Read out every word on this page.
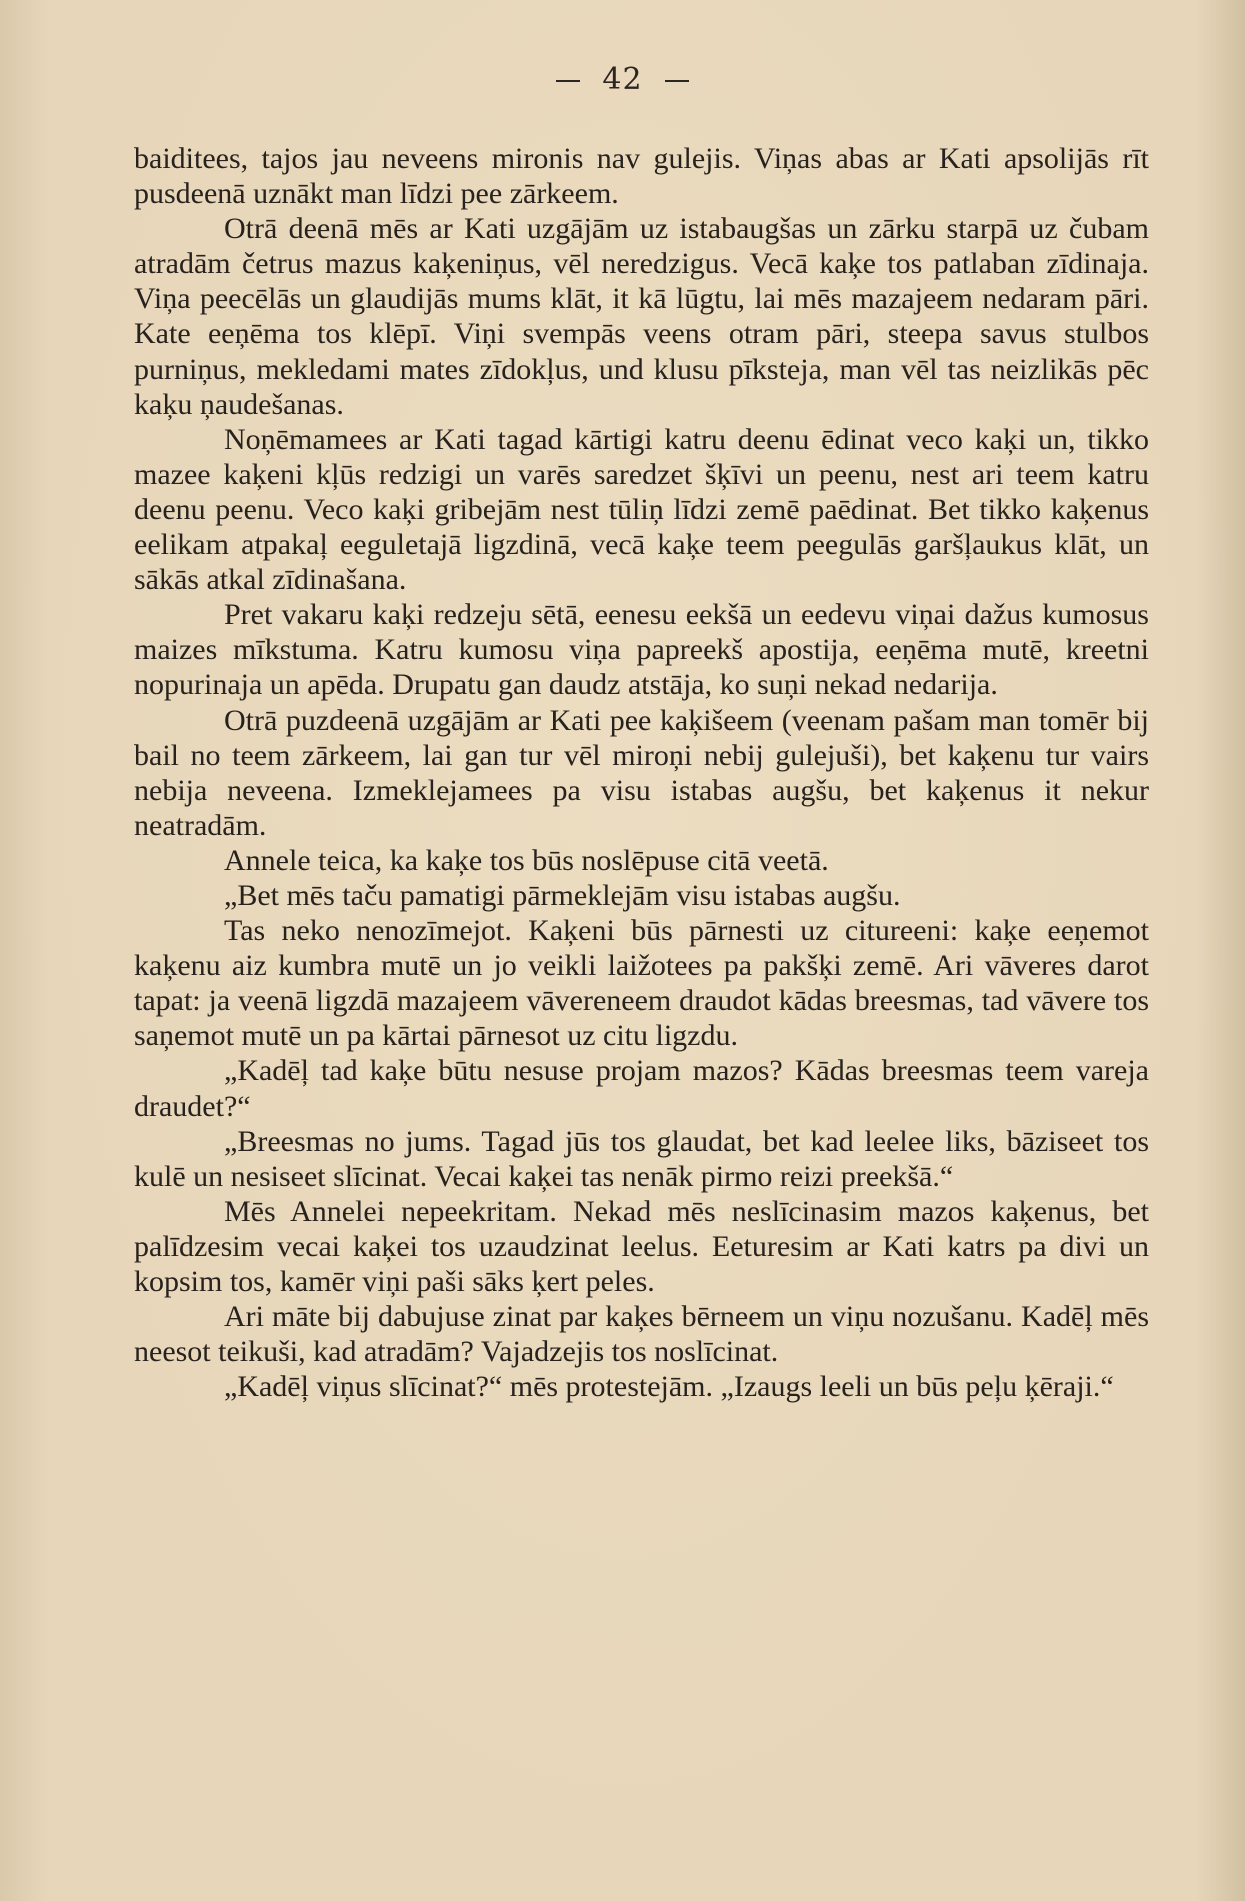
42

baiditees, tajos jau neveens mironis nav gulejis. Viņas abas ar Kati apsolijās rīt pusdeenā uznākt man līdzi pee zārkeem.

Otrā deenā mēs ar Kati uzgājām uz istabaugšas un zārku starpā uz čubam atradām četrus mazus kaķeniņus, vēl neredzigus. Vecā kaķe tos patlaban zīdinaja. Viņa peecēlās un glaudijās mums klāt, it kā lūgtu, lai mēs mazajeem nedaram pāri. Kate eeņēma tos klēpī. Viņi svempās veens otram pāri, steepa savus stulbos purniņus, mekledami mates zīdokļus, und klusu pīksteja, man vēl tas neizlikās pēc kaķu ņaudešanas.

Noņēmamees ar Kati tagad kārtigi katru deenu ēdinat veco kaķi un, tikko mazee kaķeni kļūs redzigi un varēs saredzet šķīvi un peenu, nest ari teem katru deenu peenu. Veco kaķi gribejām nest tūliņ līdzi zemē paēdinat. Bet tikko kaķenus eelikam atpakaļ eeguletajā ligzdinā, vecā kaķe teem peegulās garšļaukus klāt, un sākās atkal zīdinašana.

Pret vakaru kaķi redzeju sētā, eenesu eekšā un eedevu viņai dažus kumosus maizes mīkstuma. Katru kumosu viņa papreekš apostija, eeņēma mutē, kreetni nopurinaja un apēda. Drupatu gan daudz atstāja, ko suņi nekad nedarija.

Otrā puzdeenā uzgājām ar Kati pee kaķišeem (veenam pašam man tomēr bij bail no teem zārkeem, lai gan tur vēl miroņi nebij gulejuši), bet kaķenu tur vairs nebija neveena. Izmeklejamees pa visu istabas augšu, bet kaķenus it nekur neatradām.

Annele teica, ka kaķe tos būs noslēpuse citā veetā.

„Bet mēs taču pamatigi pārmeklejām visu istabas augšu.

Tas neko nenozīmejot. Kaķeni būs pārnesti uz citureeni: kaķe eeņemot kaķenu aiz kumbra mutē un jo veikli laižotees pa pakšķi zemē. Ari vāveres darot tapat: ja veenā ligzdā mazajeem vāvereneem draudot kādas breesmas, tad vāvere tos saņemot mutē un pa kārtai pārnesot uz citu ligzdu.

„Kadēļ tad kaķe būtu nesuse projam mazos? Kādas breesmas teem vareja draudet?“

„Breesmas no jums. Tagad jūs tos glaudat, bet kad leelee liks, bāziseet tos kulē un nesiseet slīcinat. Vecai kaķei tas nenāk pirmo reizi preekšā.“

Mēs Annelei nepeekritam. Nekad mēs neslīcinasim mazos kaķenus, bet palīdzesim vecai kaķei tos uzaudzinat leelus. Eeturesim ar Kati katrs pa divi un kopsim tos, kamēr viņi paši sāks ķert peles.

Ari māte bij dabujuse zinat par kaķes bērneem un viņu nozušanu. Kadēļ mēs neesot teikuši, kad atradām? Vajadzejis tos noslīcinat.

„Kadēļ viņus slīcinat?“ mēs protestejām. „Izaugs leeli un būs peļu ķēraji.“
